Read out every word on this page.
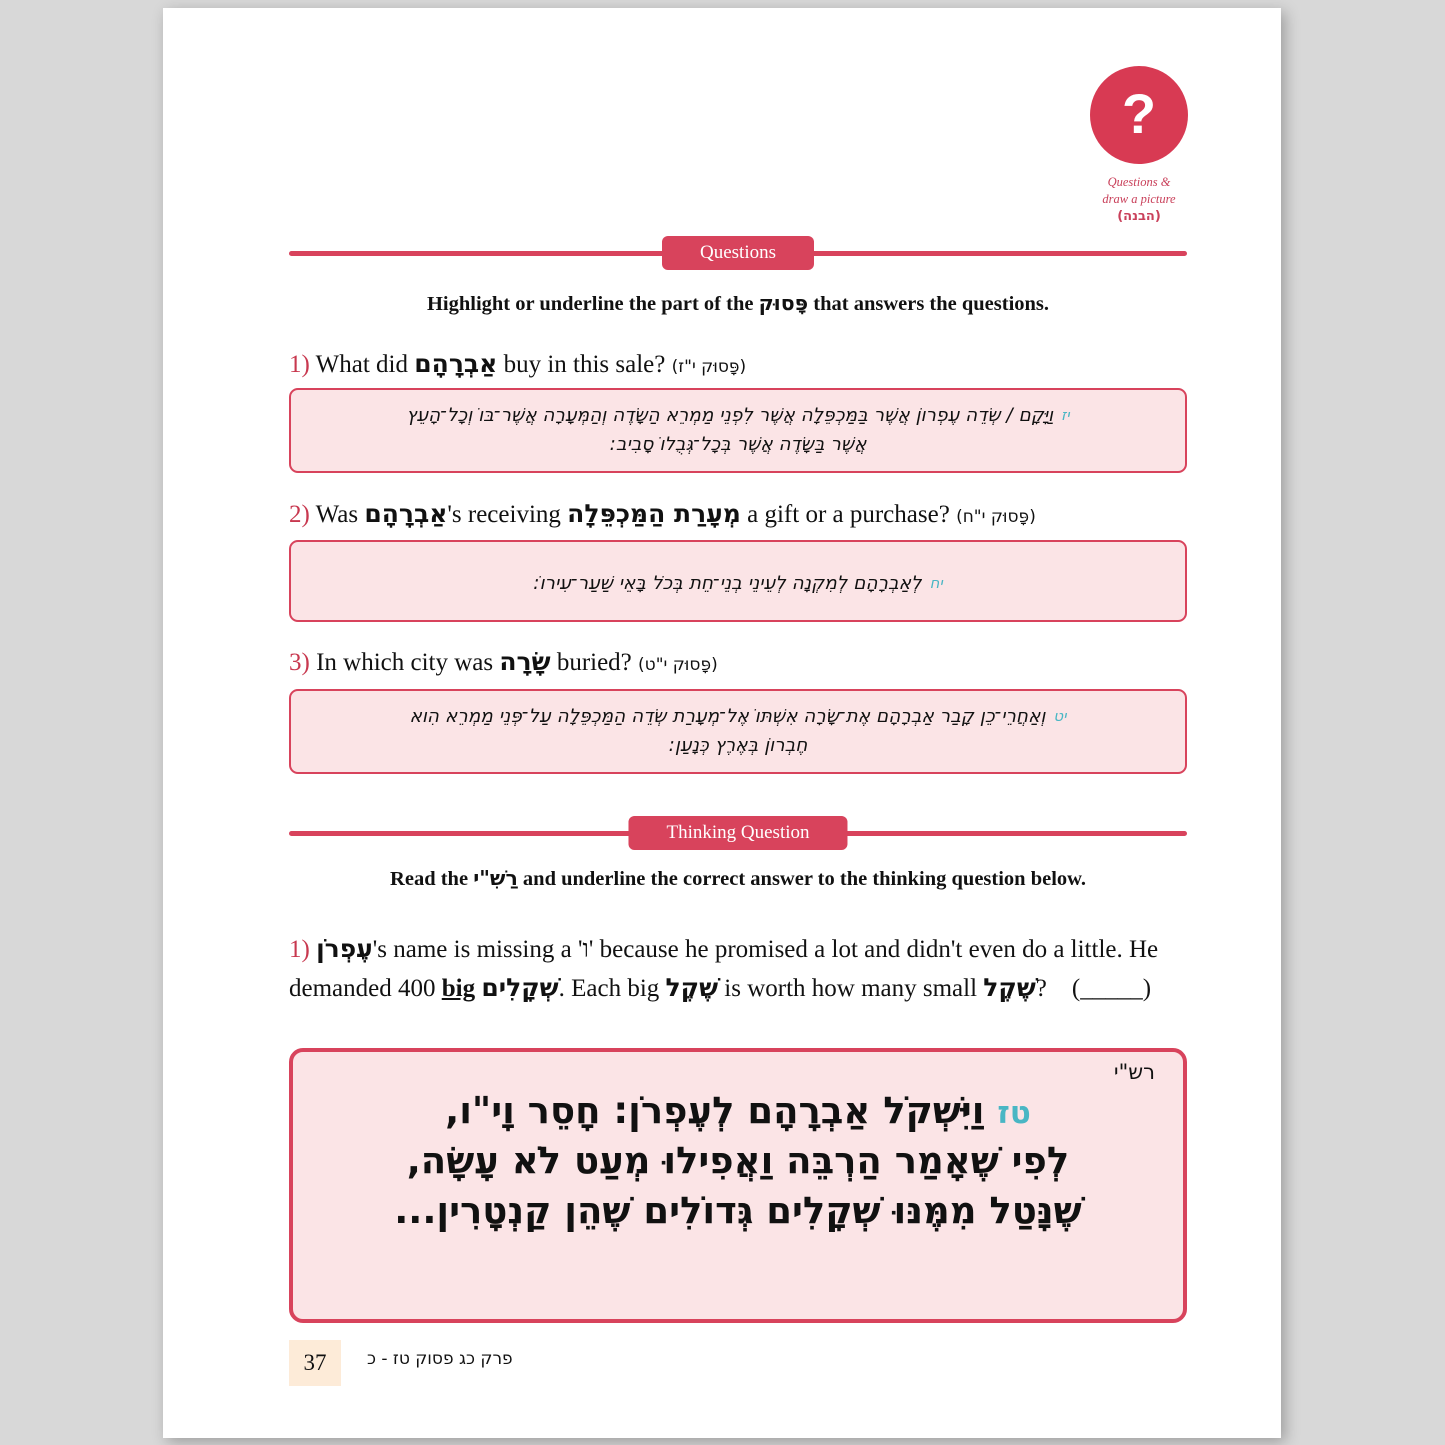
?
Questions &
draw a picture
(הבנה)
Questions
Highlight or underline the part of the פָּסוּק that answers the questions.
1) What did אַבְרָהָם buy in this sale? (פָּסוּק י"ז)
יזוַיָּקָם / שְׂדֵה עֶפְרוֹן אֲשֶׁר בַּמַּכְפֵּלָה אֲשֶׁר לִפְנֵי מַמְרֵא הַשָּׂדֶה וְהַמְּעָרָה אֲשֶׁר־בּוֹ וְכָל־הָעֵץ
אֲשֶׁר בַּשָּׂדֶה אֲשֶׁר בְּכָל־גְּבֻלוֹ סָבִיב:
2) Was אַבְרָהָם's receiving מְעָרַת הַמַּכְפֵּלָה a gift or a purchase? (פָּסוּק י"ח)
יחלְאַבְרָהָם לְמִקְנָה לְעֵינֵי בְנֵי־חֵת בְּכֹל בָּאֵי שַׁעַר־עִירוֹ:
3) In which city was שָׂרָה buried? (פָּסוּק י"ט)
יטוְאַחֲרֵי־כֵן קָבַר אַבְרָהָם אֶת־שָׂרָה אִשְׁתּוֹ אֶל־מְעָרַת שְׂדֵה הַמַּכְפֵּלָה עַל־פְּנֵי מַמְרֵא הִוא
חֶבְרוֹן בְּאֶרֶץ כְּנָעַן:
Thinking Question
Read the רַשִׁ"י and underline the correct answer to the thinking question below.
1) עֶפְרֹן's name is missing a 'ו' because he promised a lot and didn't even do a little. He demanded 400 big שְׁקָלִים. Each big שֶׁקֶל is worth how many small שֶׁקֶל? (_____)
רש"י
טז וַיִּשְׁקֹל אַבְרָהָם לְעֶפְרֹן: חָסֵר וָי"ו,
לְפִי שֶׁאָמַר הַרְבֵּה וַאֲפִילוּ מְעַט לֹא עָשָׂה,
שֶׁנָּטַל מִמֶּנּוּ שְׁקָלִים גְּדוֹלִים שֶׁהֵן קַנְטָרִין...
37	פרק כג פסוק טז - כ
